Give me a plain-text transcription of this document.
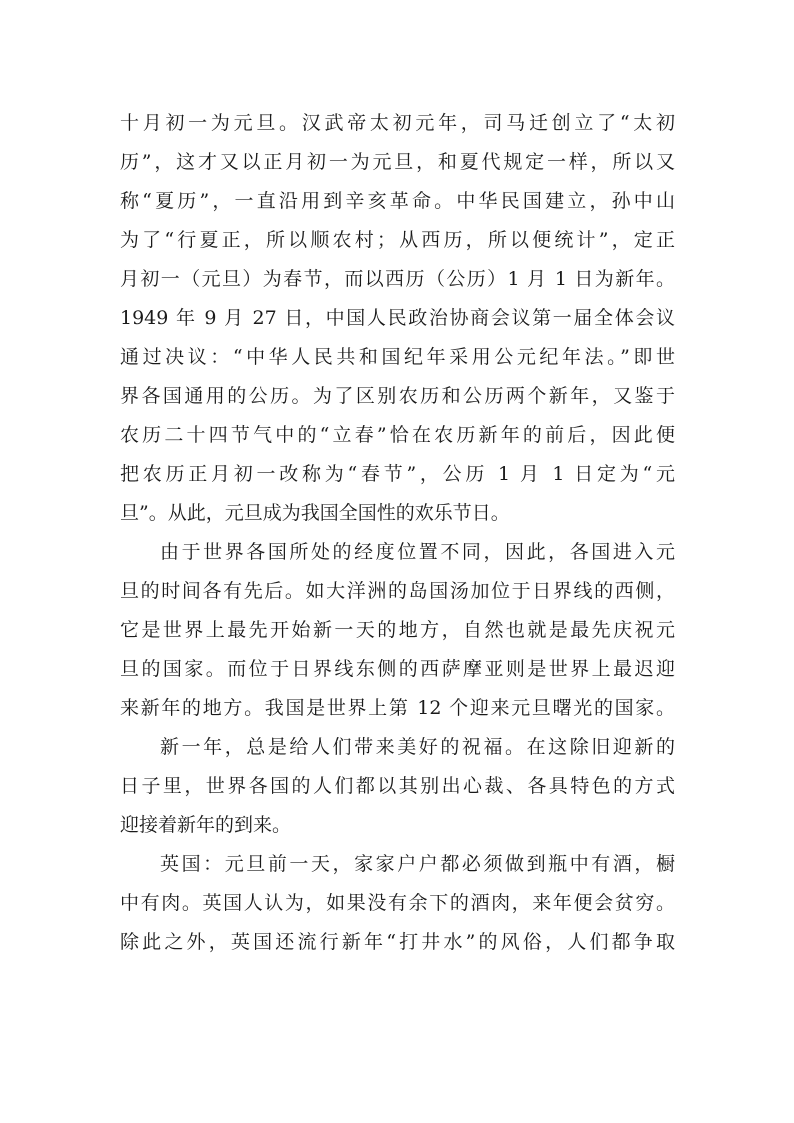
十月初一为元旦。汉武帝太初元年，司马迁创立了“太初
历”，这才又以正月初一为元旦，和夏代规定一样，所以又
称“夏历”，一直沿用到辛亥革命。中华民国建立，孙中山
为了“行夏正，所以顺农村；从西历，所以便统计”，定正
月初一（元旦）为春节，而以西历（公历）1 月 1 日为新年。
1949 年 9 月 27 日，中国人民政治协商会议第一届全体会议
通过决议：“中华人民共和国纪年采用公元纪年法。”即世
界各国通用的公历。为了区别农历和公历两个新年，又鉴于
农历二十四节气中的“立春”恰在农历新年的前后，因此便
把农历正月初一改称为“春节”，公历 1 月 1 日定为“元
旦”。从此，元旦成为我国全国性的欢乐节日。
由于世界各国所处的经度位置不同，因此，各国进入元
旦的时间各有先后。如大洋洲的岛国汤加位于日界线的西侧，
它是世界上最先开始新一天的地方，自然也就是最先庆祝元
旦的国家。而位于日界线东侧的西萨摩亚则是世界上最迟迎
来新年的地方。我国是世界上第 12 个迎来元旦曙光的国家。
新一年，总是给人们带来美好的祝福。在这除旧迎新的
日子里，世界各国的人们都以其别出心裁、各具特色的方式
迎接着新年的到来。
英国：元旦前一天，家家户户都必须做到瓶中有酒，橱
中有肉。英国人认为，如果没有余下的酒肉，来年便会贫穷。
除此之外，英国还流行新年“打井水”的风俗，人们都争取
